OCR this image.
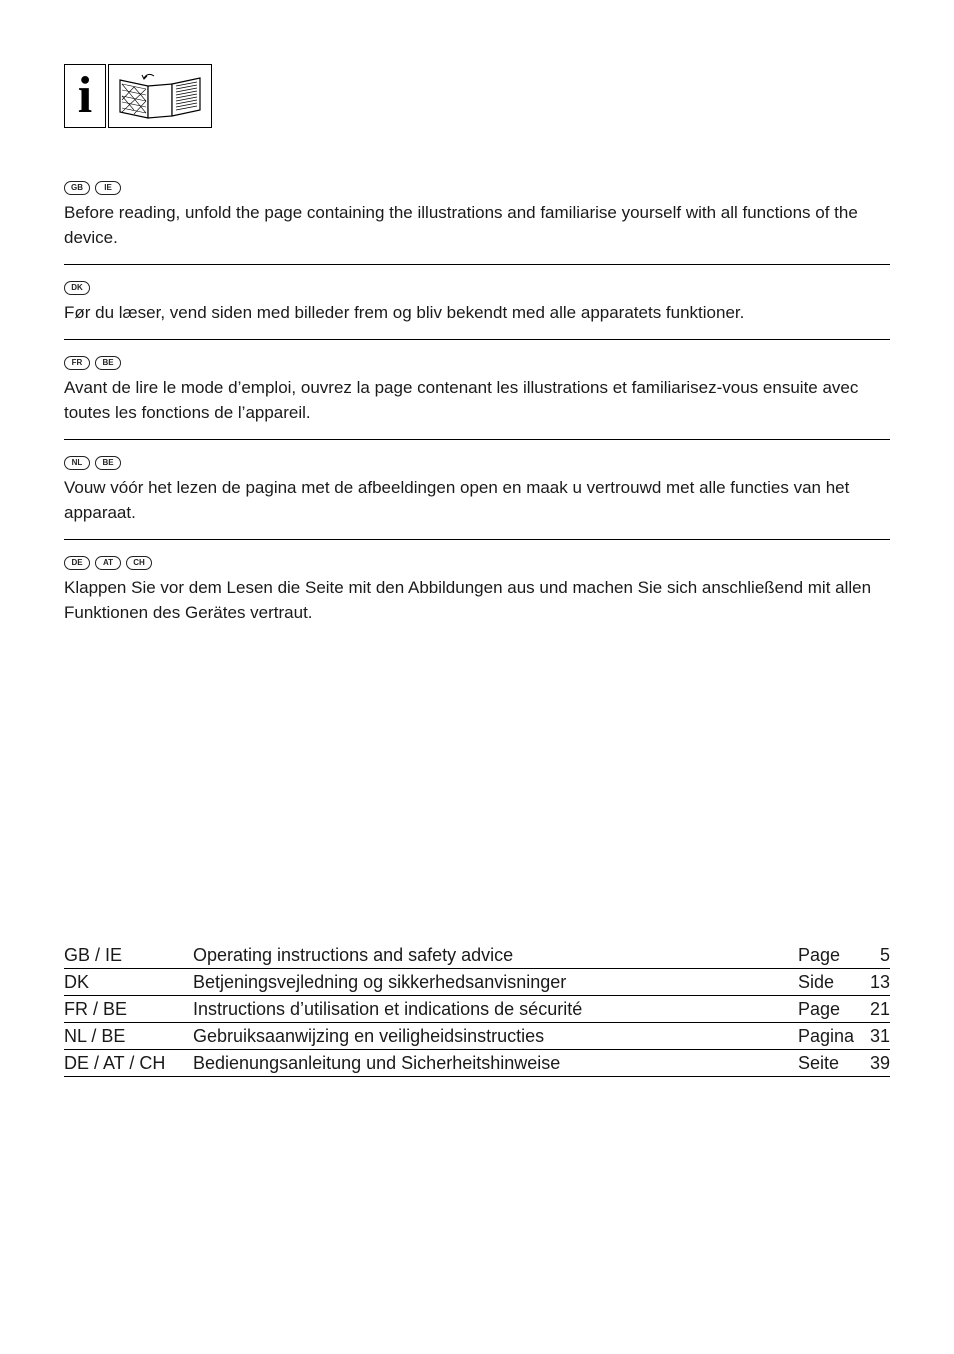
i
GB	IE
Before reading, unfold the page containing the illustrations and familiarise yourself with all functions of the device.
DK
Før du læser, vend siden med billeder frem og bliv bekendt med alle apparatets funktioner.
FR	BE
Avant de lire le mode d’emploi, ouvrez la page contenant les illustrations et familiarisez-vous ensuite avec toutes les fonctions de l’appareil.
NL	BE
Vouw vóór het lezen de pagina met de afbeeldingen open en maak u vertrouwd met alle functies van het apparaat.
DE	AT	CH
Klappen Sie vor dem Lesen die Seite mit den Abbildungen aus und machen Sie sich anschließend mit allen Funktionen des Gerätes vertraut.
GB / IE	Operating instructions and safety advice	Page	5
DK	Betjeningsvejledning og sikkerhedsanvisninger	Side	13
FR / BE	Instructions d’utilisation et indications de sécurité	Page	21
NL / BE	Gebruiksaanwijzing en veiligheidsinstructies	Pagina 31
DE / AT / CH	Bedienungsanleitung und Sicherheitshinweise	Seite	39
